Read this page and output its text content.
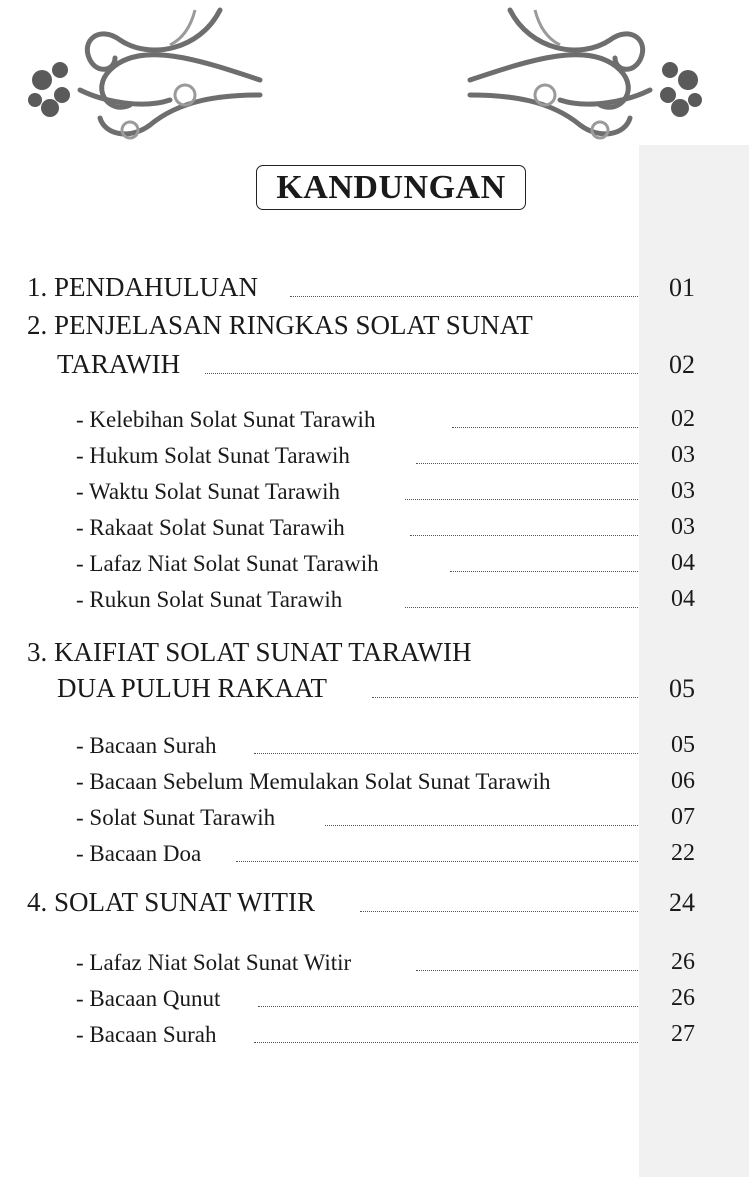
KANDUNGAN
1. PENDAHULUAN	01
2. PENJELASAN RINGKAS SOLAT SUNAT
TARAWIH	02
- Kelebihan Solat Sunat Tarawih	02
- Hukum Solat Sunat Tarawih	03
- Waktu Solat Sunat Tarawih	03
- Rakaat Solat Sunat Tarawih	03
- Lafaz Niat Solat Sunat Tarawih	04
- Rukun Solat Sunat Tarawih	04
3. KAIFIAT SOLAT SUNAT TARAWIH
DUA PULUH RAKAAT	05
- Bacaan Surah	05
- Bacaan Sebelum Memulakan Solat Sunat Tarawih	06
- Solat Sunat Tarawih	07
- Bacaan Doa	22
4. SOLAT SUNAT WITIR	24
- Lafaz Niat Solat Sunat Witir	26
- Bacaan Qunut	26
- Bacaan Surah	27
